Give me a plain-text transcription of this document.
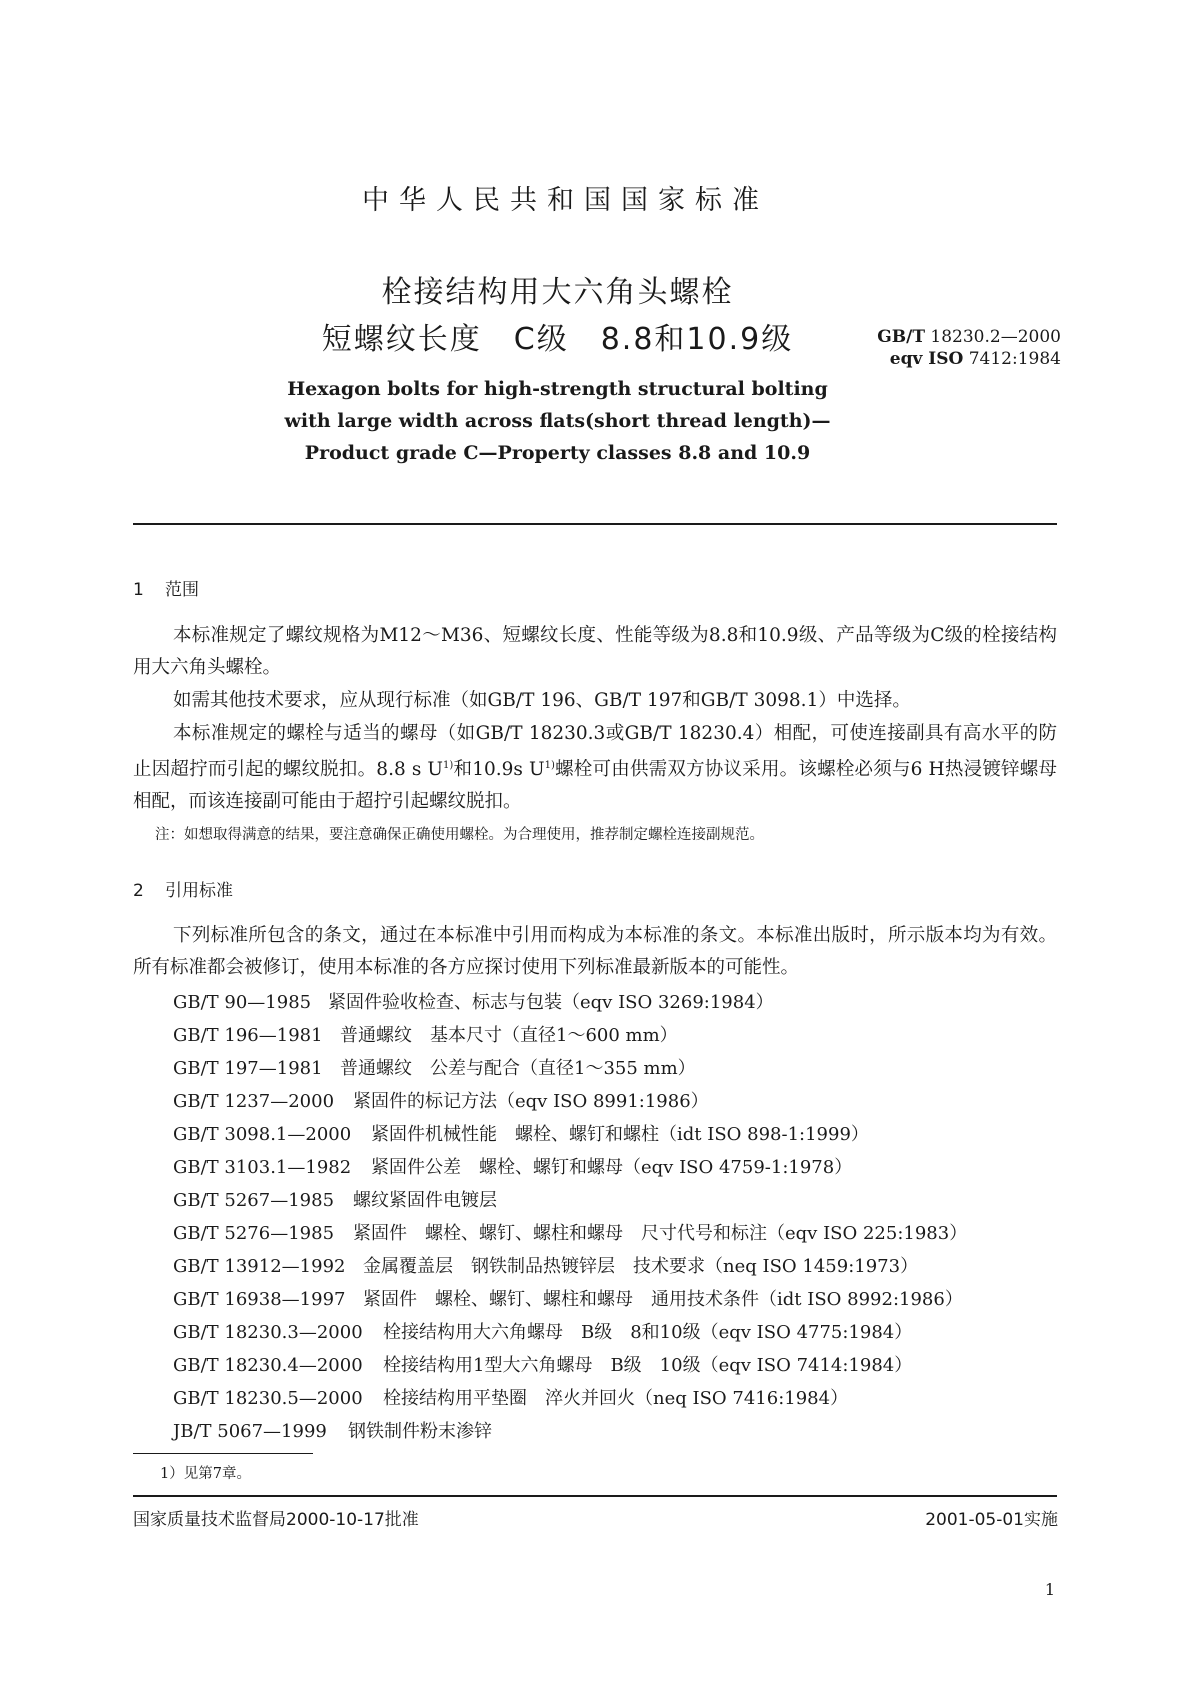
中华人民共和国国家标准
栓接结构用大六角头螺栓
短螺纹长度　C级　8.8和10.9级	GB/T 18230.2—2000
eqv ISO 7412:1984
Hexagon bolts for high-strength structural bolting
with large width across flats(short thread length)—
Product grade C—Property classes 8.8 and 10.9
1 范围
本标准规定了螺纹规格为M12～M36、短螺纹长度、性能等级为8.8和10.9级、产品等级为C级的栓接结构用大六角头螺栓。
如需其他技术要求，应从现行标准（如GB/T 196、GB/T 197和GB/T 3098.1）中选择。
本标准规定的螺栓与适当的螺母（如GB/T 18230.3或GB/T 18230.4）相配，可使连接副具有高水平的防止因超拧而引起的螺纹脱扣。8.8 s $U^{1)}$和10.9s $U^{1)}$螺栓可由供需双方协议采用。该螺栓必须与6 H热浸镀锌螺母相配，而该连接副可能由于超拧引起螺纹脱扣。
注：如想取得满意的结果，要注意确保正确使用螺栓。为合理使用，推荐制定螺栓连接副规范。
2 引用标准
下列标准所包含的条文，通过在本标准中引用而构成为本标准的条文。本标准出版时，所示版本均为有效。所有标准都会被修订，使用本标准的各方应探讨使用下列标准最新版本的可能性。
GB/T 90—1985 紧固件验收检查、标志与包装（eqv ISO 3269:1984）
GB/T 196—1981 普通螺纹　基本尺寸（直径1～600 mm）
GB/T 197—1981 普通螺纹　公差与配合（直径1～355 mm）
GB/T 1237—2000 紧固件的标记方法（eqv ISO 8991:1986）
GB/T 3098.1—2000 紧固件机械性能　螺栓、螺钉和螺柱（idt ISO 898-1:1999）
GB/T 3103.1—1982 紧固件公差　螺栓、螺钉和螺母（eqv ISO 4759-1:1978）
GB/T 5267—1985 螺纹紧固件电镀层
GB/T 5276—1985 紧固件　螺栓、螺钉、螺柱和螺母　尺寸代号和标注（eqv ISO 225:1983）
GB/T 13912—1992 金属覆盖层　钢铁制品热镀锌层　技术要求（neq ISO 1459:1973）
GB/T 16938—1997 紧固件　螺栓、螺钉、螺柱和螺母　通用技术条件（idt ISO 8992:1986）
GB/T 18230.3—2000 栓接结构用大六角螺母　B级　8和10级（eqv ISO 4775:1984）
GB/T 18230.4—2000 栓接结构用1型大六角螺母　B级　10级（eqv ISO 7414:1984）
GB/T 18230.5—2000 栓接结构用平垫圈　淬火并回火（neq ISO 7416:1984）
JB/T 5067—1999 钢铁制件粉末渗锌
1）见第7章。
国家质量技术监督局2000-10-17批准	2001-05-01实施
1
